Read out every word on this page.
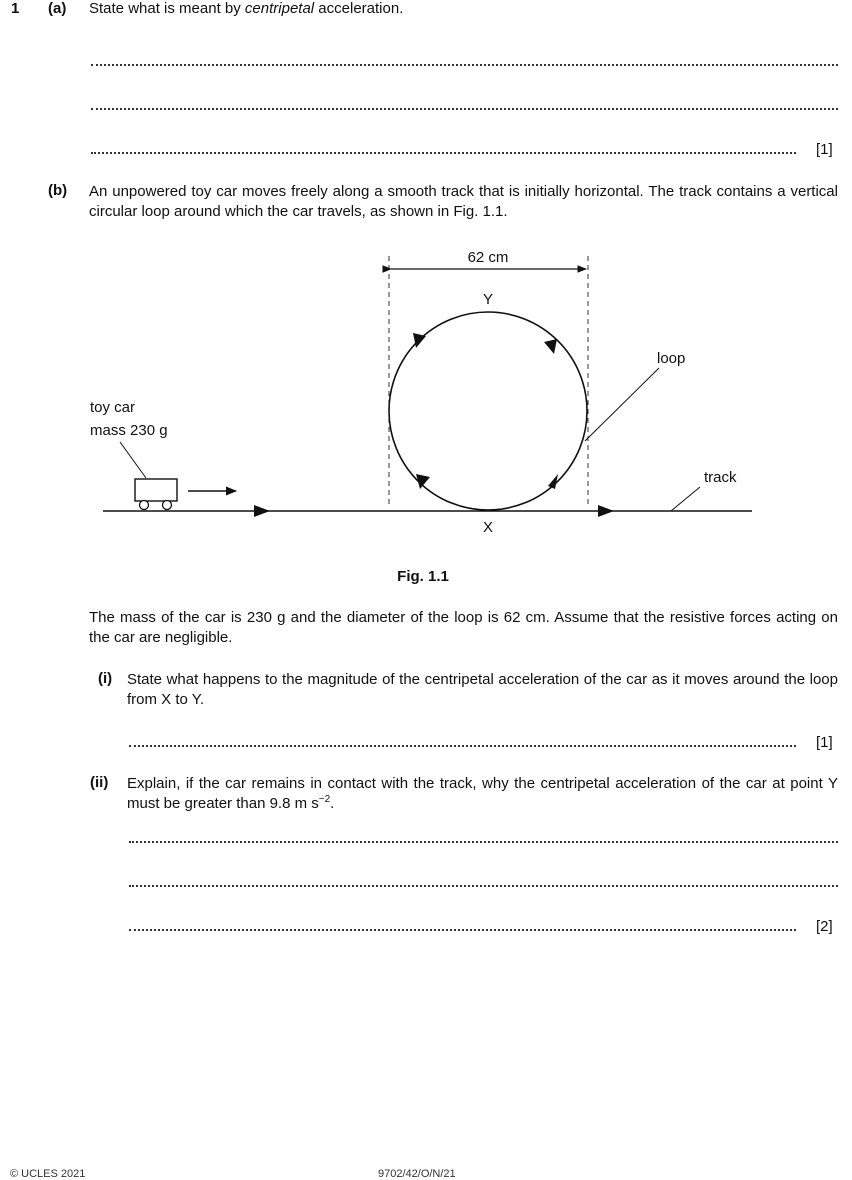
1 (a) State what is meant by centripetal acceleration.
[1]
(b) An unpowered toy car moves freely along a smooth track that is initially horizontal. The track contains a vertical circular loop around which the car travels, as shown in Fig. 1.1.
62 cm
Y
X
loop
track
toy car
mass 230 g
Fig. 1.1
The mass of the car is 230 g and the diameter of the loop is 62 cm. Assume that the resistive forces acting on the car are negligible.
(i) State what happens to the magnitude of the centripetal acceleration of the car as it moves around the loop from X to Y.
[1]
(ii) Explain, if the car remains in contact with the track, why the centripetal acceleration of the car at point Y must be greater than 9.8 m $s^{-2}$.
[2]
© UCLES 2021	9702/42/O/N/21
